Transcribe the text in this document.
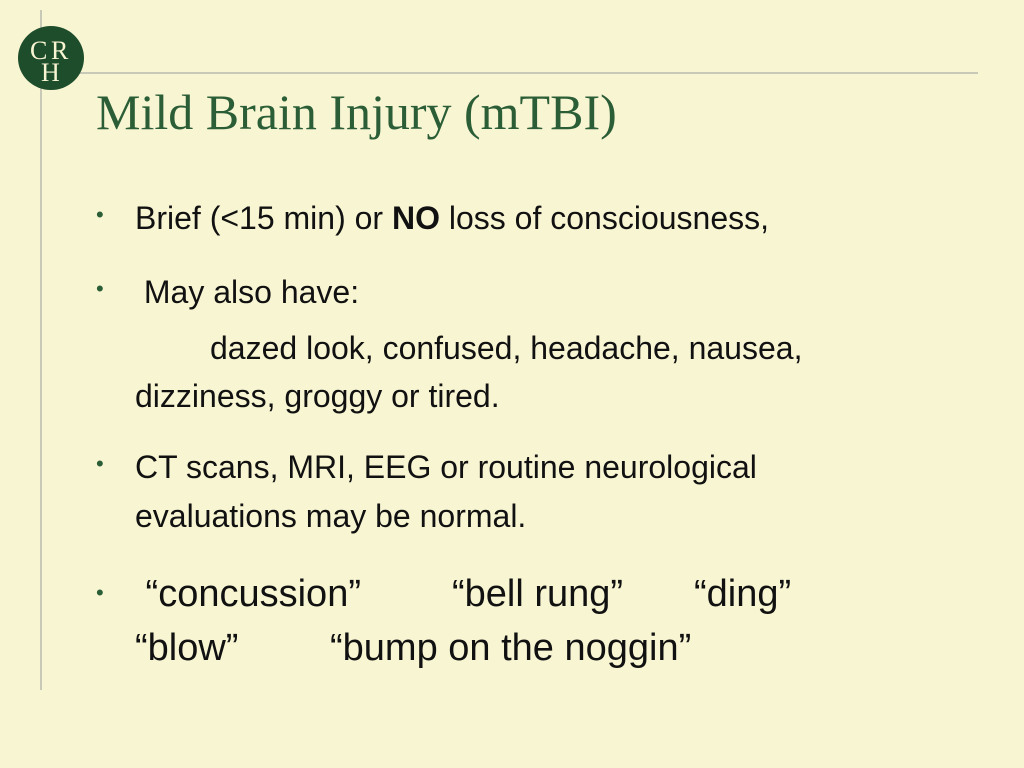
C R
H
Mild Brain Injury (mTBI)
• Brief (<15 min) or NO loss of consciousness,

• May also have:

dazed look, confused, headache, nausea,

dizziness, groggy or tired.

• CT scans, MRI, EEG or routine neurological

evaluations may be normal.

• “concussion” “bell rung” “ding”

“blow” “bump on the noggin”
